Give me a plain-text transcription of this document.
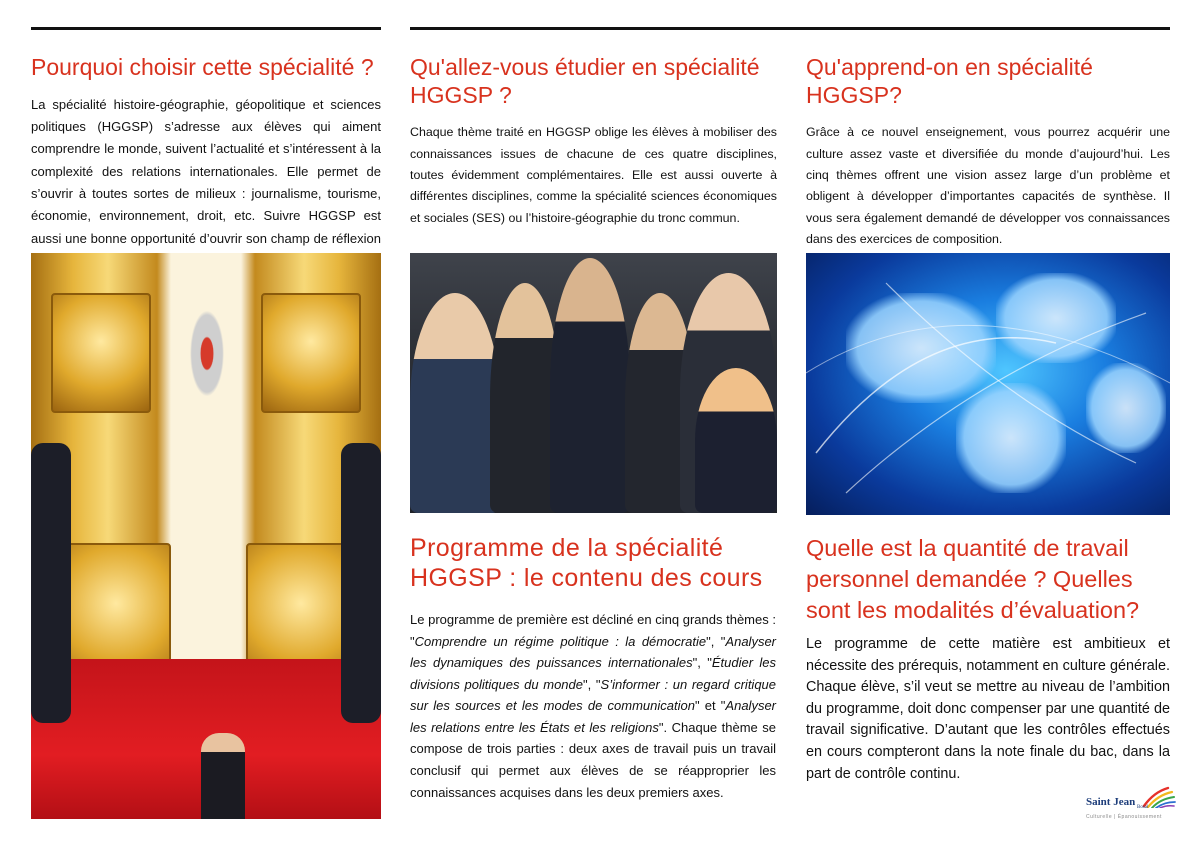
Pourquoi choisir cette spécialité ?

La spécialité histoire-géographie, géopolitique et sciences politiques (HGGSP) s’adresse aux élèves qui aiment comprendre le monde, suivent l’actualité et s’intéressent à la complexité des relations internationales. Elle permet de s’ouvrir à toutes sortes de milieux : journalisme, tourisme, économie, environnement, droit, etc. Suivre HGGSP est aussi une bonne opportunité d’ouvrir son champ de réflexion

Qu'allez-vous étudier en spécialité HGGSP ?

Chaque thème traité en HGGSP oblige les élèves à mobiliser des connaissances issues de chacune de ces quatre disciplines, toutes évidemment complémentaires. Elle est aussi ouverte à différentes disciplines, comme la spécialité sciences économiques et sociales (SES) ou l’histoire-géographie du tronc commun.

Programme de la spécialité HGGSP : le contenu des cours

Le programme de première est décliné en cinq grands thèmes : "Comprendre un régime politique : la démocratie", "Analyser les dynamiques des puissances internationales", "Étudier les divisions politiques du monde", "S’informer : un regard critique sur les sources et les modes de communication" et "Analyser les relations entre les États et les religions". Chaque thème se compose de trois parties : deux axes de travail puis un travail conclusif qui permet aux élèves de se réapproprier les connaissances acquises dans les deux premiers axes.

Qu'apprend-on en spécialité HGGSP?

Grâce à ce nouvel enseignement, vous pourrez acquérir une culture assez vaste et diversifiée du monde d’aujourd’hui. Les cinq thèmes offrent une vision assez large d’un problème et obligent à développer d’importantes capacités de synthèse. Il vous sera également demandé de développer vos connaissances dans des exercices de composition.

Quelle est la quantité de travail personnel demandée ? Quelles sont les modalités d’évaluation?

Le programme de cette matière est ambitieux et nécessite des prérequis, notamment en culture générale. Chaque élève, s’il veut se mettre au niveau de l’ambition du programme, doit donc compenser par une quantité de travail significative. D’autant que les contrôles effectués en cours compteront dans la note finale du bac, dans la part de contrôle continu.

Saint Jean Bosal
Culturelle | Épanouissement
